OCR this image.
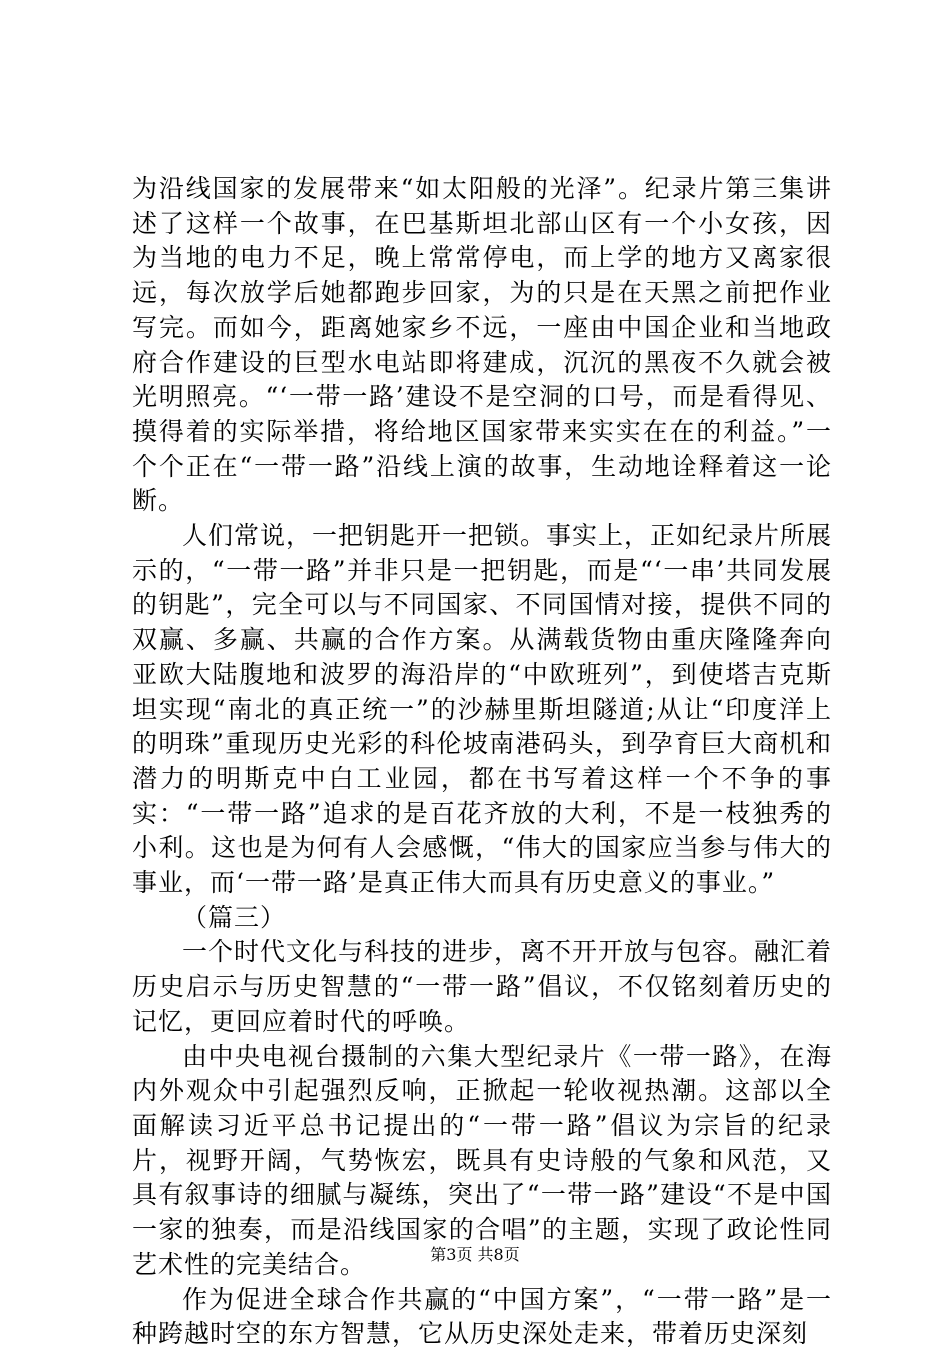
为沿线国家的发展带来“如太阳般的光泽”。纪录片第三集讲述了这样一个故事，在巴基斯坦北部山区有一个小女孩，因为当地的电力不足，晚上常常停电，而上学的地方又离家很远，每次放学后她都跑步回家，为的只是在天黑之前把作业写完。而如今，距离她家乡不远，一座由中国企业和当地政府合作建设的巨型水电站即将建成，沉沉的黑夜不久就会被光明照亮。“‘一带一路’建设不是空洞的口号，而是看得见、摸得着的实际举措，将给地区国家带来实实在在的利益。”一个个正在“一带一路”沿线上演的故事，生动地诠释着这一论断。

人们常说，一把钥匙开一把锁。事实上，正如纪录片所展示的，“一带一路”并非只是一把钥匙，而是“‘一串’共同发展的钥匙”，完全可以与不同国家、不同国情对接，提供不同的双赢、多赢、共赢的合作方案。从满载货物由重庆隆隆奔向亚欧大陆腹地和波罗的海沿岸的“中欧班列”，到使塔吉克斯坦实现“南北的真正统一”的沙赫里斯坦隧道;从让“印度洋上的明珠”重现历史光彩的科伦坡南港码头，到孕育巨大商机和潜力的明斯克中白工业园，都在书写着这样一个不争的事实：“一带一路”追求的是百花齐放的大利，不是一枝独秀的小利。这也是为何有人会感慨，“伟大的国家应当参与伟大的事业，而‘一带一路’是真正伟大而具有历史意义的事业。”

（篇三）

一个时代文化与科技的进步，离不开开放与包容。融汇着历史启示与历史智慧的“一带一路”倡议，不仅铭刻着历史的记忆，更回应着时代的呼唤。

由中央电视台摄制的六集大型纪录片《一带一路》，在海内外观众中引起强烈反响，正掀起一轮收视热潮。这部以全面解读习近平总书记提出的“一带一路”倡议为宗旨的纪录片，视野开阔，气势恢宏，既具有史诗般的气象和风范，又具有叙事诗的细腻与凝练，突出了“一带一路”建设“不是中国一家的独奏，而是沿线国家的合唱”的主题，实现了政论性同艺术性的完美结合。

作为促进全球合作共赢的“中国方案”，“一带一路”是一种跨越时空的东方智慧，它从历史深处走来，带着历史深刻

第3页 共8页
